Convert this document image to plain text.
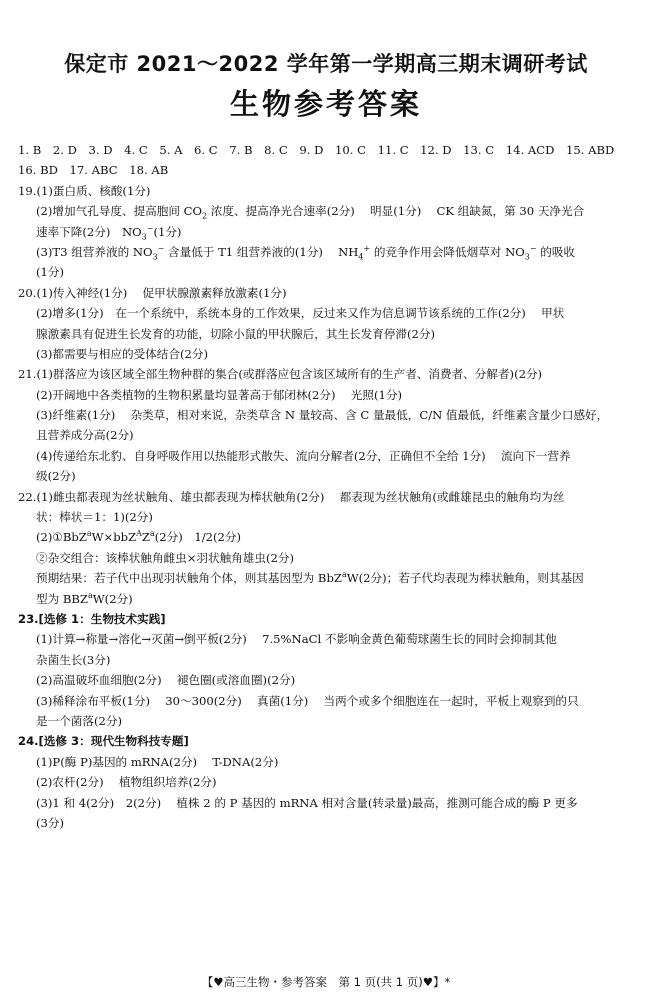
保定市 2021～2022 学年第一学期高三期末调研考试
生物参考答案
1. B　2. D　3. D　4. C　5. A　6. C　7. B　8. C　9. D　10. C　11. C　12. D　13. C　14. ACD　15. ABD
16. BD　17. ABC　18. AB
19.(1)蛋白质、核酸(1分)
(2)增加气孔导度、提高胞间 $CO_2$ 浓度、提高净光合速率(2分)　 明显(1分)　 CK 组缺氮，第 30 天净光合
速率下降(2分)　$NO_3^-(1$分)
(3)T3 组营养液的 $NO_3^-$ 含量低于 T1 组营养液的(1分)　 $NH_4^+$ 的竞争作用会降低烟草对 $NO_3^-$ 的吸收
(1分)
20.(1)传入神经(1分)　 促甲状腺激素释放激素(1分)
(2)增多(1分)　在一个系统中，系统本身的工作效果，反过来又作为信息调节该系统的工作(2分)　 甲状
腺激素具有促进生长发育的功能，切除小鼠的甲状腺后，其生长发育停滞(2分)
(3)都需要与相应的受体结合(2分)
21.(1)群落应为该区域全部生物种群的集合(或群落应包含该区域所有的生产者、消费者、分解者)(2分)
(2)开阔地中各类植物的生物积累量均显著高于郁闭林(2分)　 光照(1分)
(3)纤维素(1分)　 杂类草，相对来说，杂类草含 N 量较高、含 C 量最低，C/N 值最低，纤维素含量少口感好，
且营养成分高(2分)
(4)传递给东北豹、自身呼吸作用以热能形式散失、流向分解者(2分，正确但不全给 1分)　 流向下一营养
级(2分)
22.(1)雌虫都表现为丝状触角、雄虫都表现为棒状触角(2分)　 都表现为丝状触角(或雌雄昆虫的触角均为丝
状：棒状＝1：1)(2分)
$(2)①BbZ^aW\times bbZ^AZ^a(2$分)　1/2(2分)
②杂交组合：该棒状触角雌虫×羽状触角雄虫(2分)
预期结果：若子代中出现羽状触角个体，则其基因型为 BbZ$^a$W(2分)；若子代均表现为棒状触角，则其基因
型为 BBZ$^a$W(2分)
23.[选修 1：生物技术实践]
(1)计算→称量→溶化→灭菌→倒平板(2分)　 7.5%NaCl 不影响金黄色葡萄球菌生长的同时会抑制其他
杂菌生长(3分)
(2)高温破坏血细胞(2分)　 褪色圈(或溶血圈)(2分)
(3)稀释涂布平板(1分)　 30～300(2分)　 真菌(1分)　 当两个或多个细胞连在一起时，平板上观察到的只
是一个菌落(2分)
24.[选修 3：现代生物科技专题]
(1)P(酶 P)基因的 mRNA(2分)　 T-DNA(2分)
(2)农杆(2分)　 植物组织培养(2分)
(3)1 和 4(2分)　2(2分)　 植株 2 的 P 基因的 mRNA 相对含量(转录量)最高，推测可能合成的酶 P 更多
(3分)
【♥高三生物・参考答案　第 1 页(共 1 页)♥】*
